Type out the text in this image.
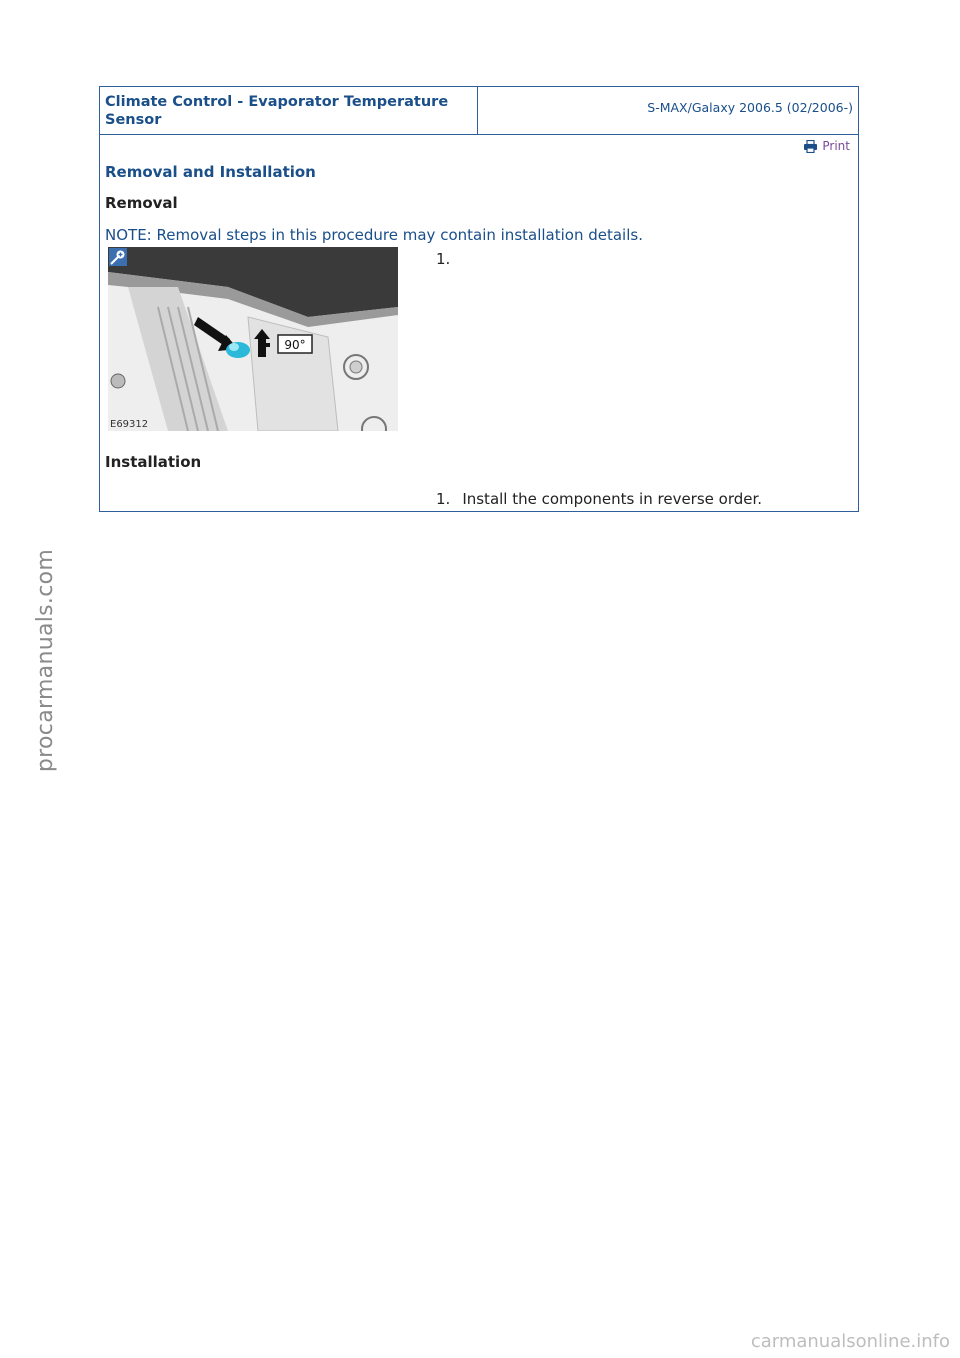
Climate Control - Evaporator Temperature
Sensor
S-MAX/Galaxy 2006.5 (02/2006-)
Print
Removal and Installation
Removal
NOTE: Removal steps in this procedure may contain installation details.
90°
E69312
1.
Installation
1. Install the components in reverse order.
procarmanuals.com
carmanualsonline.info
